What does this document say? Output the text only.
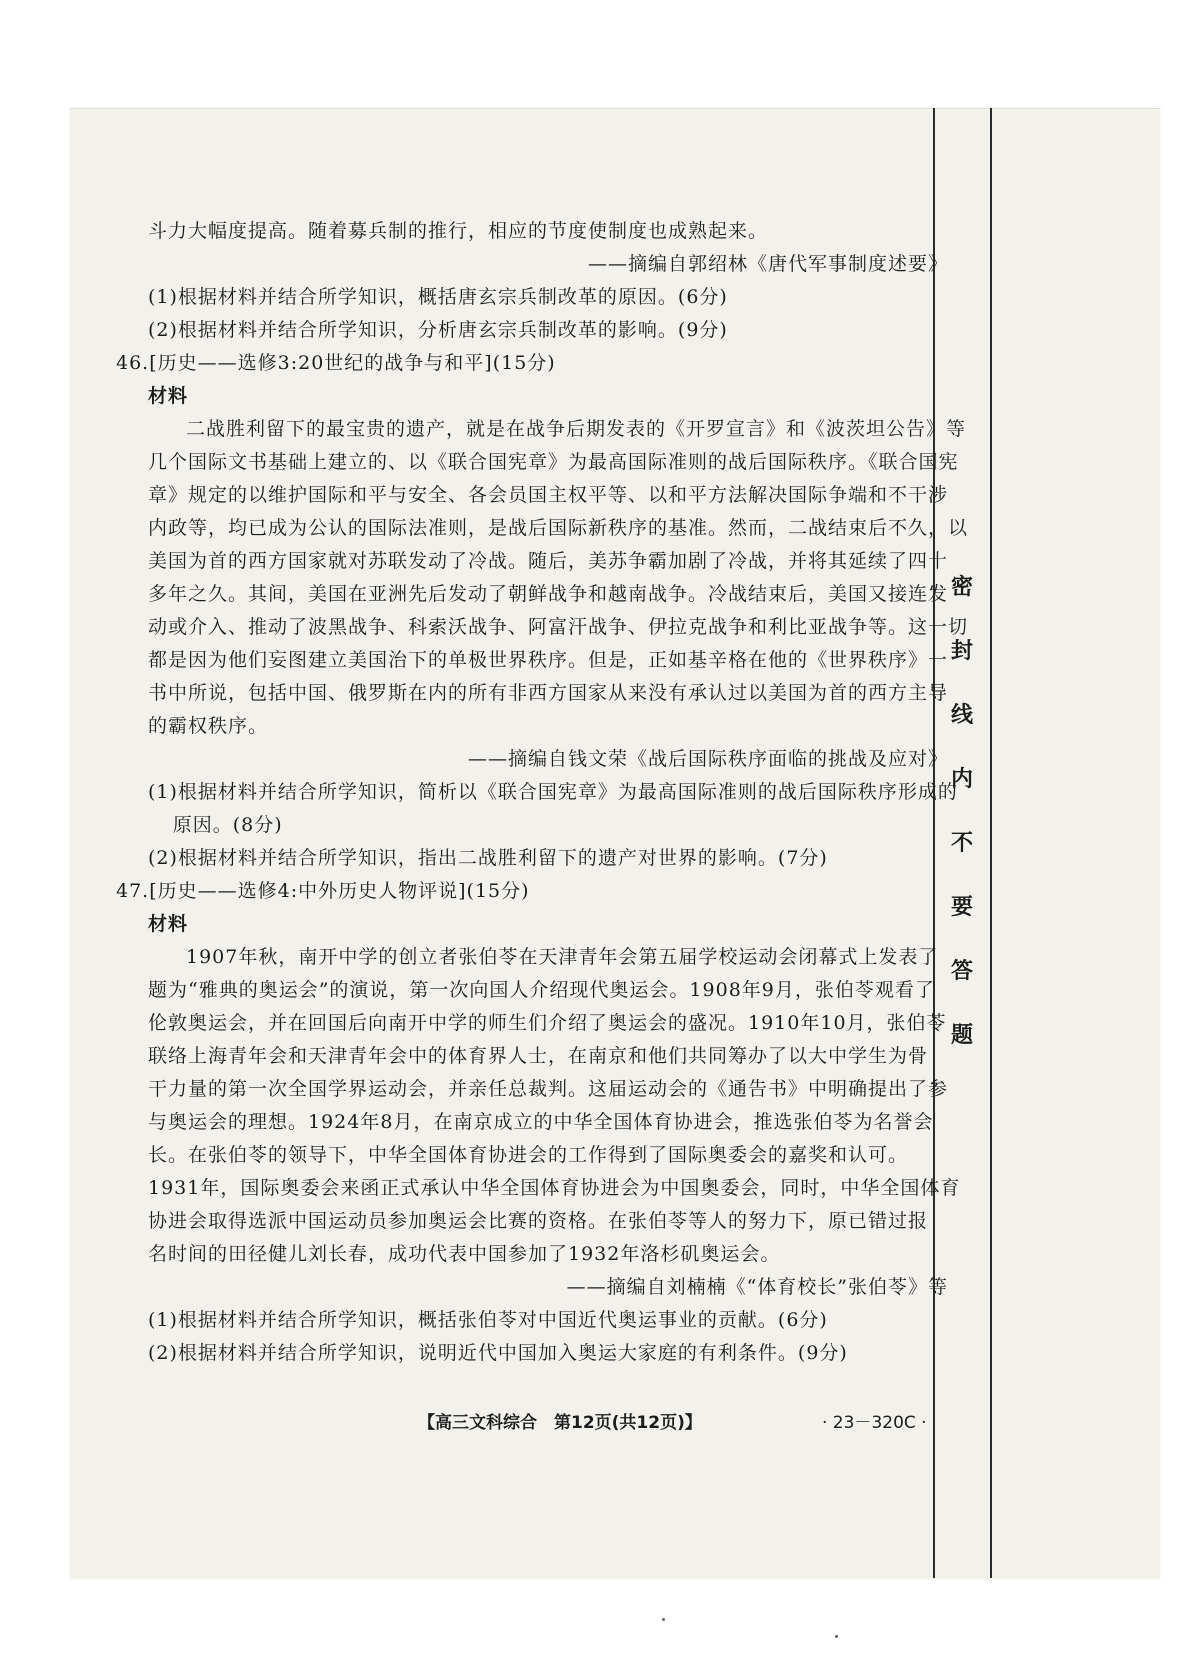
密
封
线
内
不
要
答
题
斗力大幅度提高。随着募兵制的推行，相应的节度使制度也成熟起来。
——摘编自郭绍林《唐代军事制度述要》
(1)根据材料并结合所学知识，概括唐玄宗兵制改革的原因。(6分)
(2)根据材料并结合所学知识，分析唐玄宗兵制改革的影响。(9分)
46.[历史——选修3:20世纪的战争与和平](15分)
材料
二战胜利留下的最宝贵的遗产，就是在战争后期发表的《开罗宣言》和《波茨坦公告》等
几个国际文书基础上建立的、以《联合国宪章》为最高国际准则的战后国际秩序。《联合国宪
章》规定的以维护国际和平与安全、各会员国主权平等、以和平方法解决国际争端和不干涉
内政等，均已成为公认的国际法准则，是战后国际新秩序的基准。然而，二战结束后不久，以
美国为首的西方国家就对苏联发动了冷战。随后，美苏争霸加剧了冷战，并将其延续了四十
多年之久。其间，美国在亚洲先后发动了朝鲜战争和越南战争。冷战结束后，美国又接连发
动或介入、推动了波黑战争、科索沃战争、阿富汗战争、伊拉克战争和利比亚战争等。这一切
都是因为他们妄图建立美国治下的单极世界秩序。但是，正如基辛格在他的《世界秩序》一
书中所说，包括中国、俄罗斯在内的所有非西方国家从来没有承认过以美国为首的西方主导
的霸权秩序。
——摘编自钱文荣《战后国际秩序面临的挑战及应对》
(1)根据材料并结合所学知识，简析以《联合国宪章》为最高国际准则的战后国际秩序形成的
原因。(8分)
(2)根据材料并结合所学知识，指出二战胜利留下的遗产对世界的影响。(7分)
47.[历史——选修4:中外历史人物评说](15分)
材料
1907年秋，南开中学的创立者张伯苓在天津青年会第五届学校运动会闭幕式上发表了
题为“雅典的奥运会”的演说，第一次向国人介绍现代奥运会。1908年9月，张伯苓观看了
伦敦奥运会，并在回国后向南开中学的师生们介绍了奥运会的盛况。1910年10月，张伯苓
联络上海青年会和天津青年会中的体育界人士，在南京和他们共同筹办了以大中学生为骨
干力量的第一次全国学界运动会，并亲任总裁判。这届运动会的《通告书》中明确提出了参
与奥运会的理想。1924年8月，在南京成立的中华全国体育协进会，推选张伯苓为名誉会
长。在张伯苓的领导下，中华全国体育协进会的工作得到了国际奥委会的嘉奖和认可。
1931年，国际奥委会来函正式承认中华全国体育协进会为中国奥委会，同时，中华全国体育
协进会取得选派中国运动员参加奥运会比赛的资格。在张伯苓等人的努力下，原已错过报
名时间的田径健儿刘长春，成功代表中国参加了1932年洛杉矶奥运会。
——摘编自刘楠楠《“体育校长”张伯苓》等
(1)根据材料并结合所学知识，概括张伯苓对中国近代奥运事业的贡献。(6分)
(2)根据材料并结合所学知识，说明近代中国加入奥运大家庭的有利条件。(9分)
【高三文科综合　第12页(共12页)】	· 23－320C ·
